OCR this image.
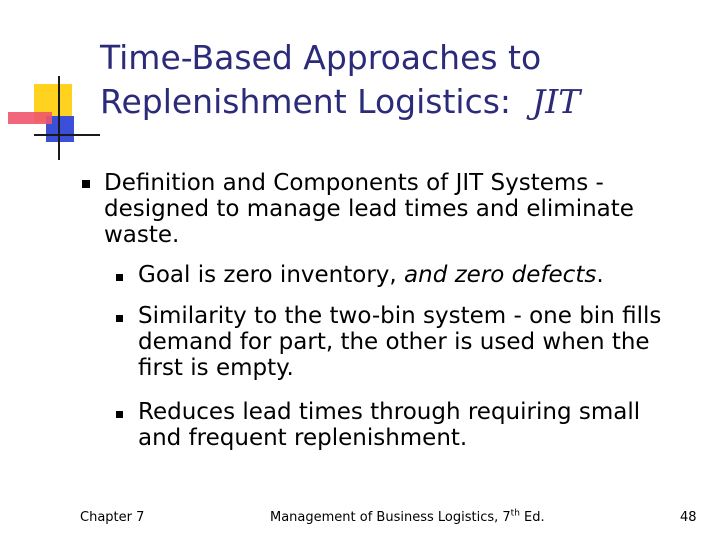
Time-Based Approaches to
Replenishment Logistics: JIT
Definition and Components of JIT Systems -
designed to manage lead times and eliminate
waste.
Goal is zero inventory, and zero defects.
Similarity to the two-bin system - one bin fills
demand for part, the other is used when the
first is empty.
Reduces lead times through requiring small
and frequent replenishment.
Chapter 7	Management of Business Logistics, 7th Ed.	48
